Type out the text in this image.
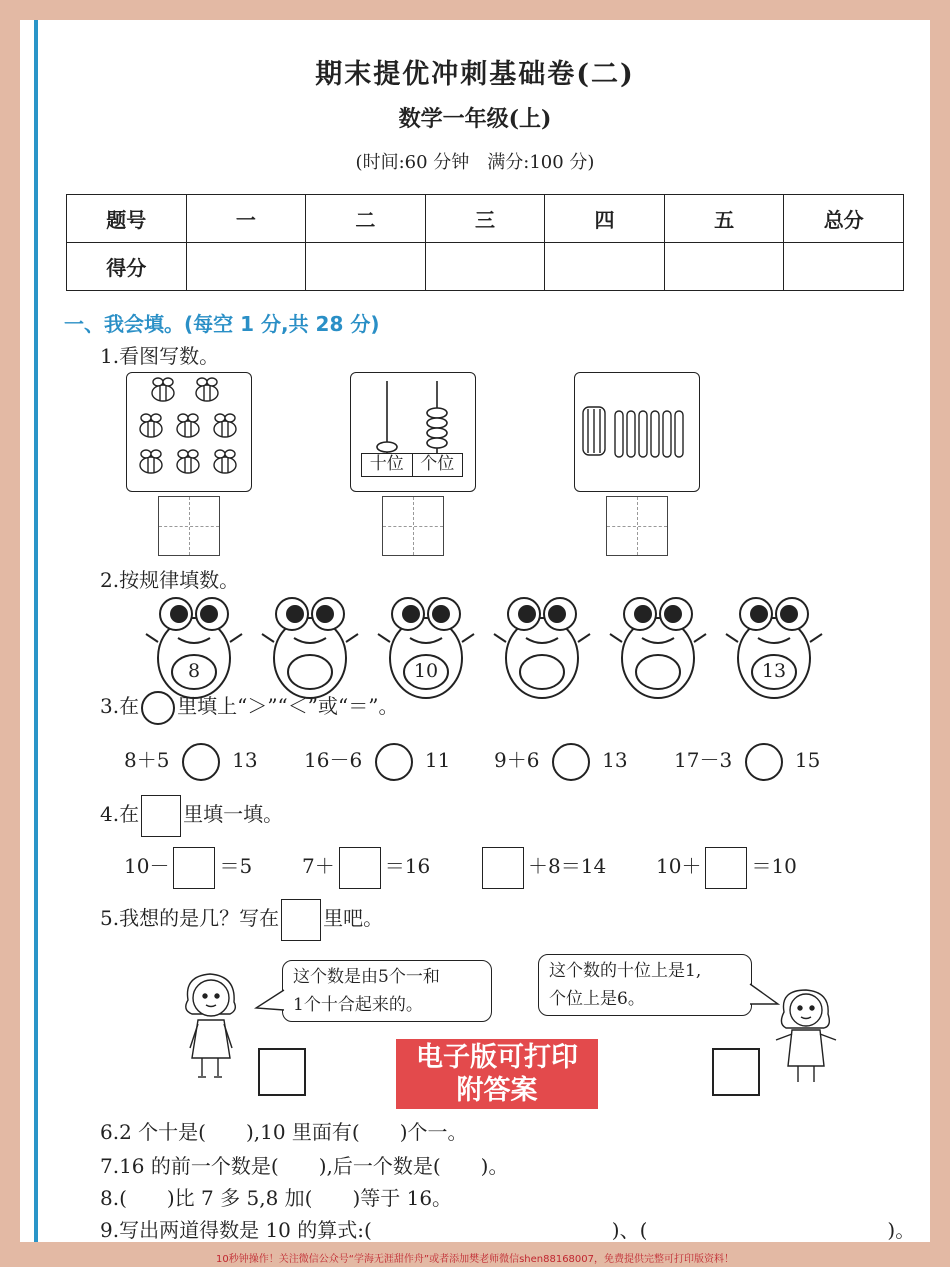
期末提优冲刺基础卷(二)
数学一年级(上)
(时间:60 分钟　满分:100 分)
题号	一	二	三	四	五	总分
得分						
一、我会填。(每空 1 分,共 28 分)
1.看图写数。
十位 个位
2.按规律填数。
8	10	13
3.在 里填上“＞”“＜”或“＝”。
8＋5	13 16－6	11 9＋6	13 17－3	15
4.在 里填一填。
10－	＝5 7＋	＝16	＋8＝14 10＋	＝10
5.我想的是几？写在 里吧。
这个数是由5个一和
1个十合起来的。
这个数的十位上是1,
个位上是6。
电子版可打印
附答案
6.2 个十是(　　),10 里面有(　　)个一。
7.16 的前一个数是(　　),后一个数是(　　)。
8.(　　)比 7 多 5,8 加(　　)等于 16。
9.写出两道得数是 10 的算式:(　　　　　　　　　　　　)、(　　　　　　　　　　　　)。
10秒钟操作！关注微信公众号“学海无涯甜作舟”或者添加樊老师微信shen88168007，免费提供完整可打印版资料！
